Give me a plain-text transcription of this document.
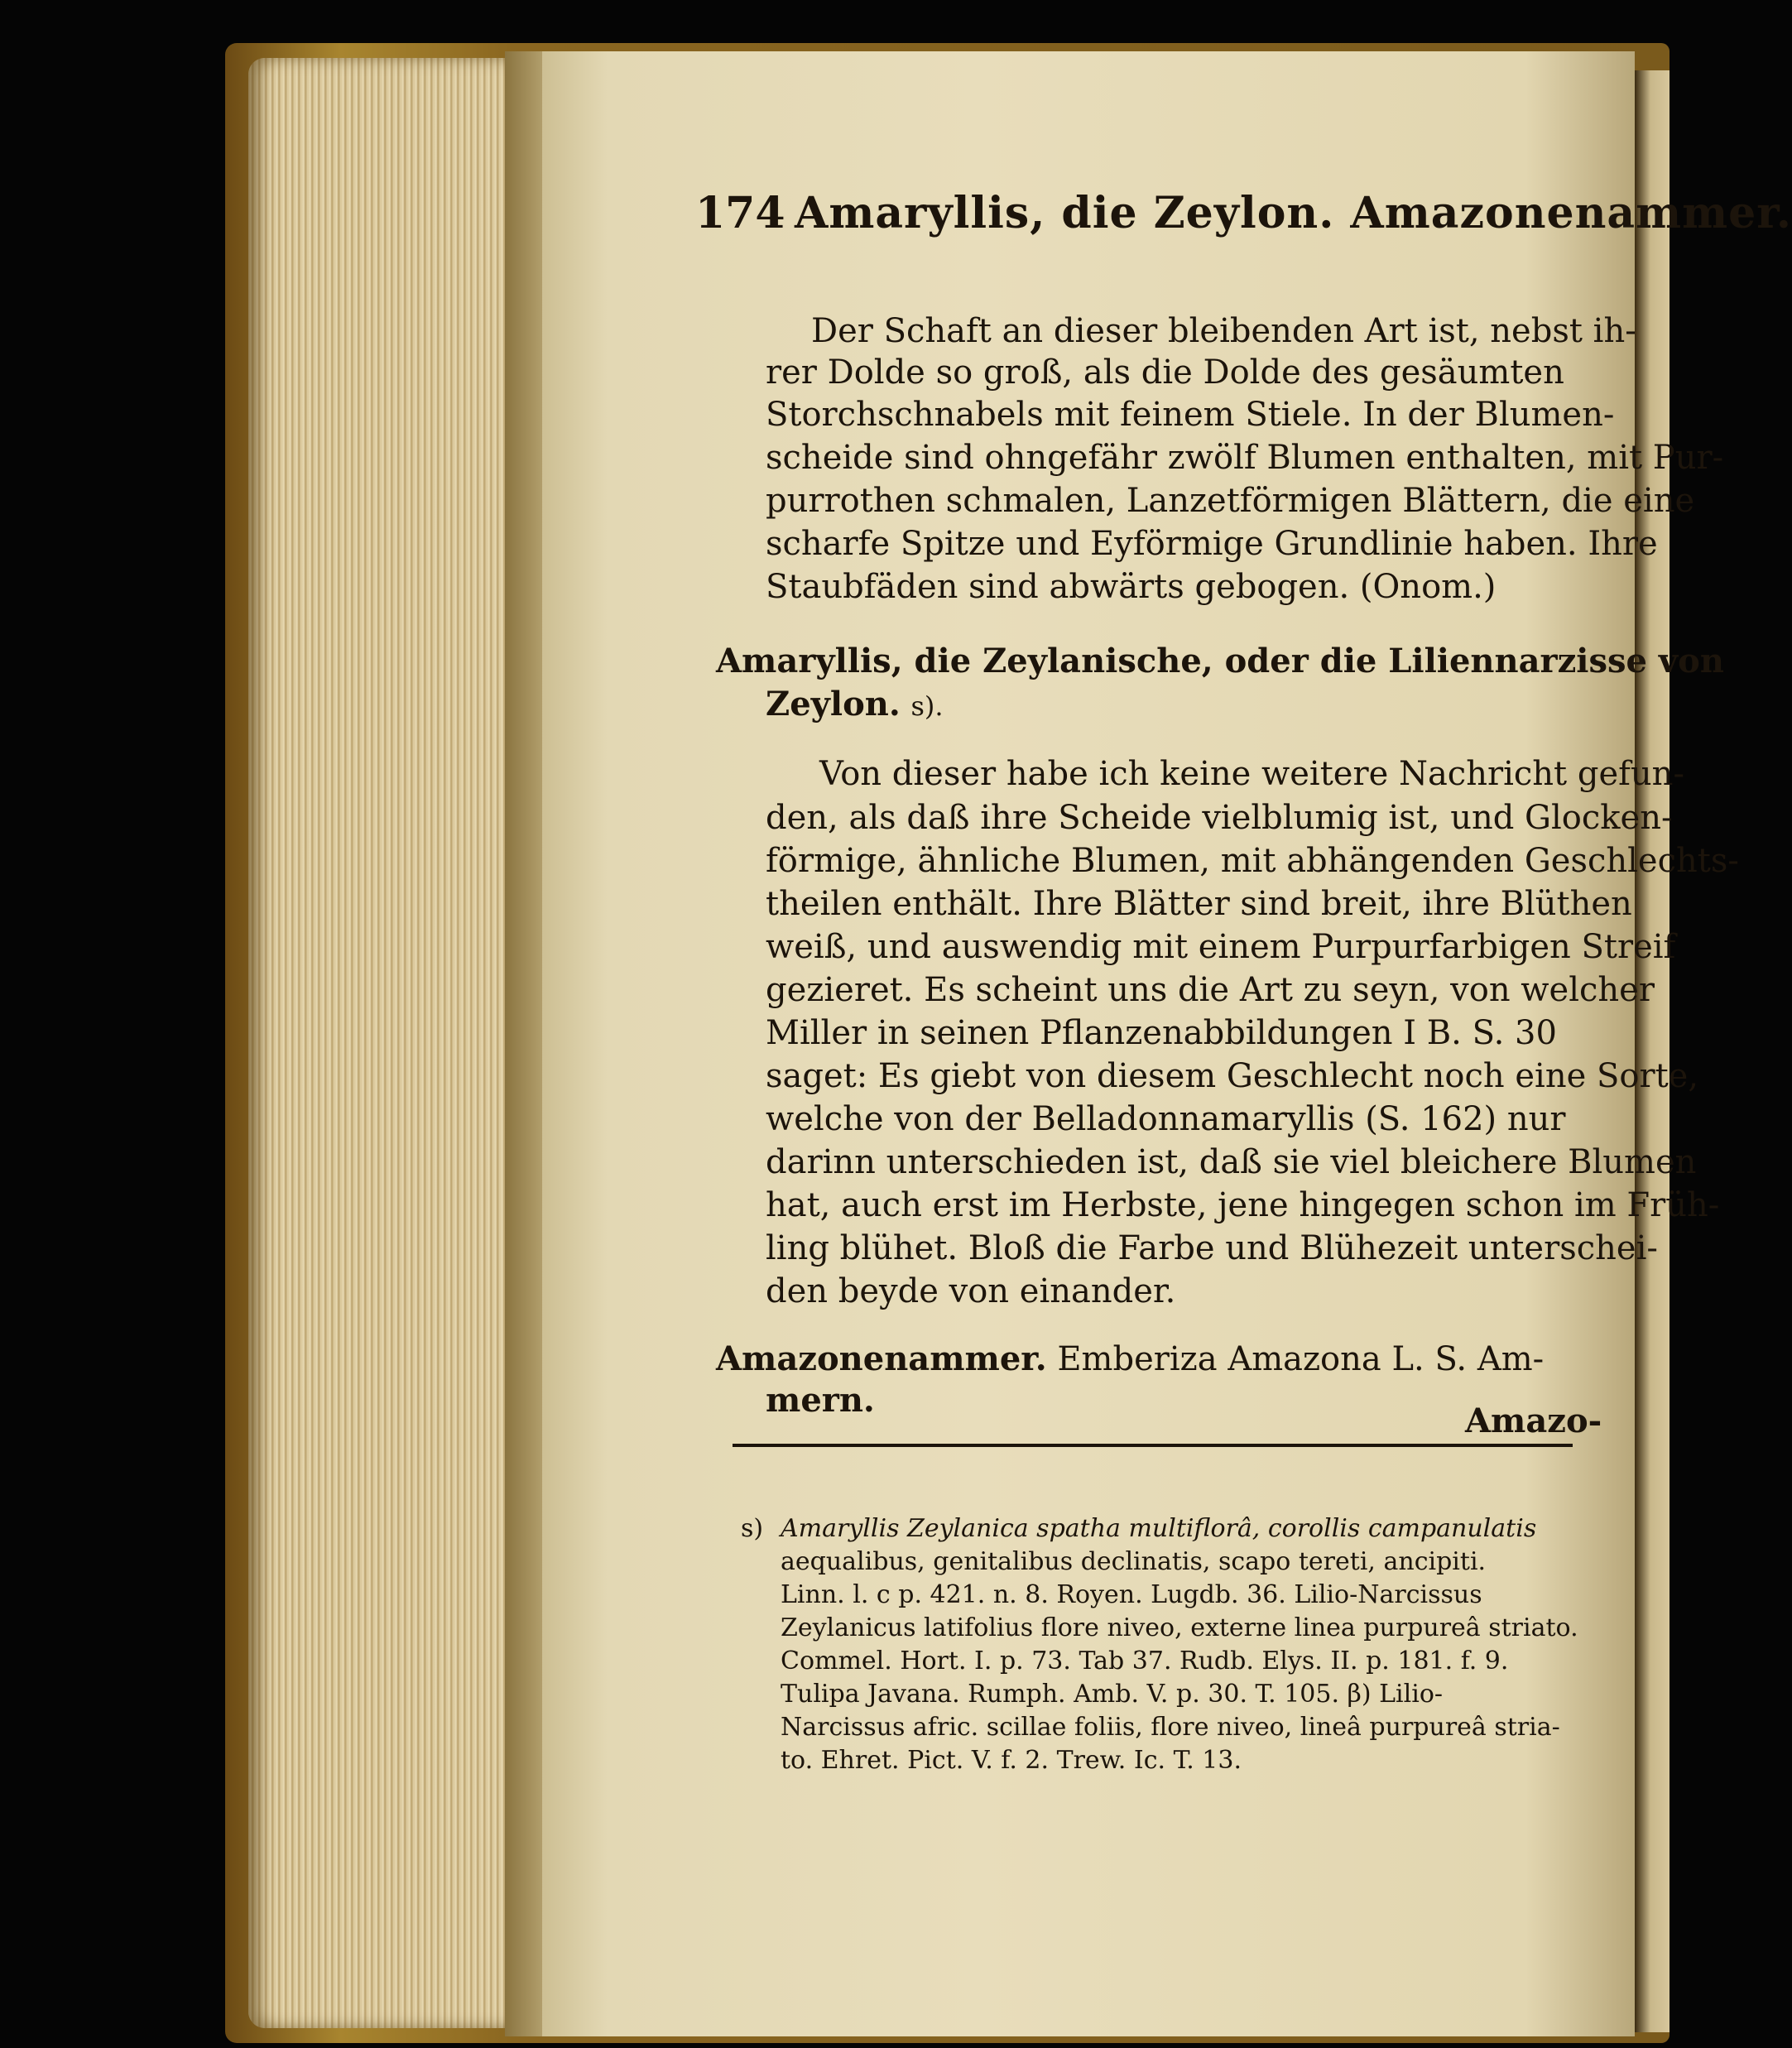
174 Amaryllis, die Zeylon. Amazonenammer.
Der Schaft an dieser bleibenden Art ist, nebst ih-
rer Dolde so groß, als die Dolde des gesäumten
Storchschnabels mit feinem Stiele. In der Blumen-
scheide sind ohngefähr zwölf Blumen enthalten, mit Pur-
purrothen schmalen, Lanzetförmigen Blättern, die eine
scharfe Spitze und Eyförmige Grundlinie haben. Ihre
Staubfäden sind abwärts gebogen. (Onom.)
Amaryllis, die Zeylanische, oder die Liliennarzisse von
Zeylon. s).
Von dieser habe ich keine weitere Nachricht gefun-
den, als daß ihre Scheide vielblumig ist, und Glocken-
förmige, ähnliche Blumen, mit abhängenden Geschlechts-
theilen enthält. Ihre Blätter sind breit, ihre Blüthen
weiß, und auswendig mit einem Purpurfarbigen Streif
gezieret. Es scheint uns die Art zu seyn, von welcher
Miller in seinen Pflanzenabbildungen I B. S. 30
saget: Es giebt von diesem Geschlecht noch eine Sorte,
welche von der Belladonnamaryllis (S. 162) nur
darinn unterschieden ist, daß sie viel bleichere Blumen
hat, auch erst im Herbste, jene hingegen schon im Früh-
ling blühet. Bloß die Farbe und Blühezeit unterschei-
den beyde von einander.
Amazonenammer. Emberiza Amazona L. S. Am-
mern.
Amazo-
s) Amaryllis Zeylanica spatha multiflorâ, corollis campanulatis
aequalibus, genitalibus declinatis, scapo tereti, ancipiti.
Linn. l. c p. 421. n. 8. Royen. Lugdb. 36. Lilio-Narcissus
Zeylanicus latifolius flore niveo, externe linea purpureâ striato.
Commel. Hort. I. p. 73. Tab 37. Rudb. Elys. II. p. 181. f. 9.
Tulipa Javana. Rumph. Amb. V. p. 30. T. 105. β) Lilio-
Narcissus afric. scillae foliis, flore niveo, lineâ purpureâ stria-
to. Ehret. Pict. V. f. 2. Trew. Ic. T. 13.
